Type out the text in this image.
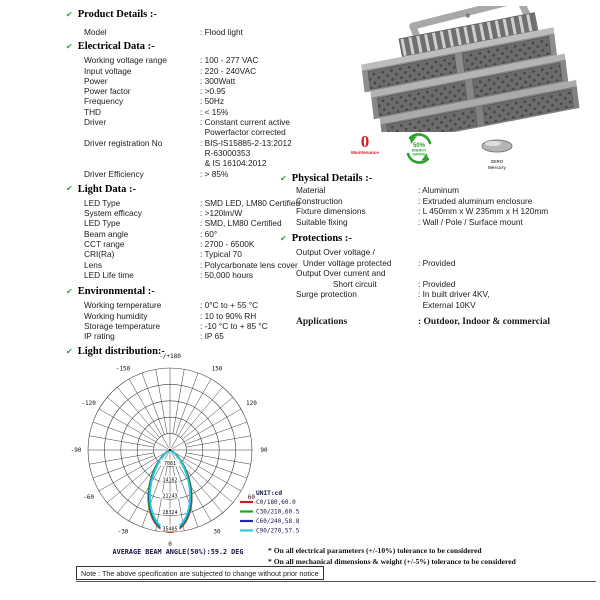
✔ Product Details :-
Model	: Flood light
✔ Electrical Data :-
Working voltage range	: 100 - 277 VAC
Input voltage	: 220 - 240VAC
Power	: 300Watt
Power factor	: >0.95
Frequency	: 50Hz
THD	: < 15%
Driver	: Constant current active
Powerfactor corrected
Driver registration No	: BIS-IS15885-2-13:2012
R-63000353
& IS 16104:2012
Driver Efficiency	: > 85%
✔ Light Data :-
LED Type	: SMD LED, LM80 Certified
System efficacy	: >120lm/W
LED Type	: SMD, LM80 Certified
Beam angle	: 60°
CCT range	: 2700 - 6500K
CRI(Ra)	: Typical 70
Lens	: Polycarbonate lens cover
LED Life time	: 50,000 hours
✔ Environmental :-
Working temperature	: 0°C to + 55 °C
Working humidity	: 10 to 90% RH
Storage temperature	: -10 °C to + 85 °C
IP rating	: IP 65
✔ Light distribution:-
0
Maintenance
50%
ENERGY
SAVING
ZERO
Mercury
✔ Physical Details :-
Material	: Aluminum
Construction	: Extruded aluminum enclosure
Fixture dimensions	: L 450mm x W 235mm x H 120mm
Suitable fixing	: Wall / Pole / Surface mount
✔ Protections :-
Output Over voltage /
Under voltage protected	: Provided
Output Over current and
Short circuit	: Provided
Surge protection	: In built driver 4KV,
External 10KV
Applications	: Outdoor, Indoor & commercial
-/+180
150
120
90
60
30
0
-30
-60
-90
-120
-150
7081
14162
21243
28324
35405
UNIT:cd
C0/180,60.0
C30/210,60.5
C60/240,58.8
C90/270,57.5
AVERAGE BEAM ANGLE(50%):59.2 DEG	* On all electrical parameters (+/-10%) tolerance to be considered
* On all mechanical dimensions & weight (+/-5%) tolerance to be considered
Note : The above specification are subjected to change without prior notice
